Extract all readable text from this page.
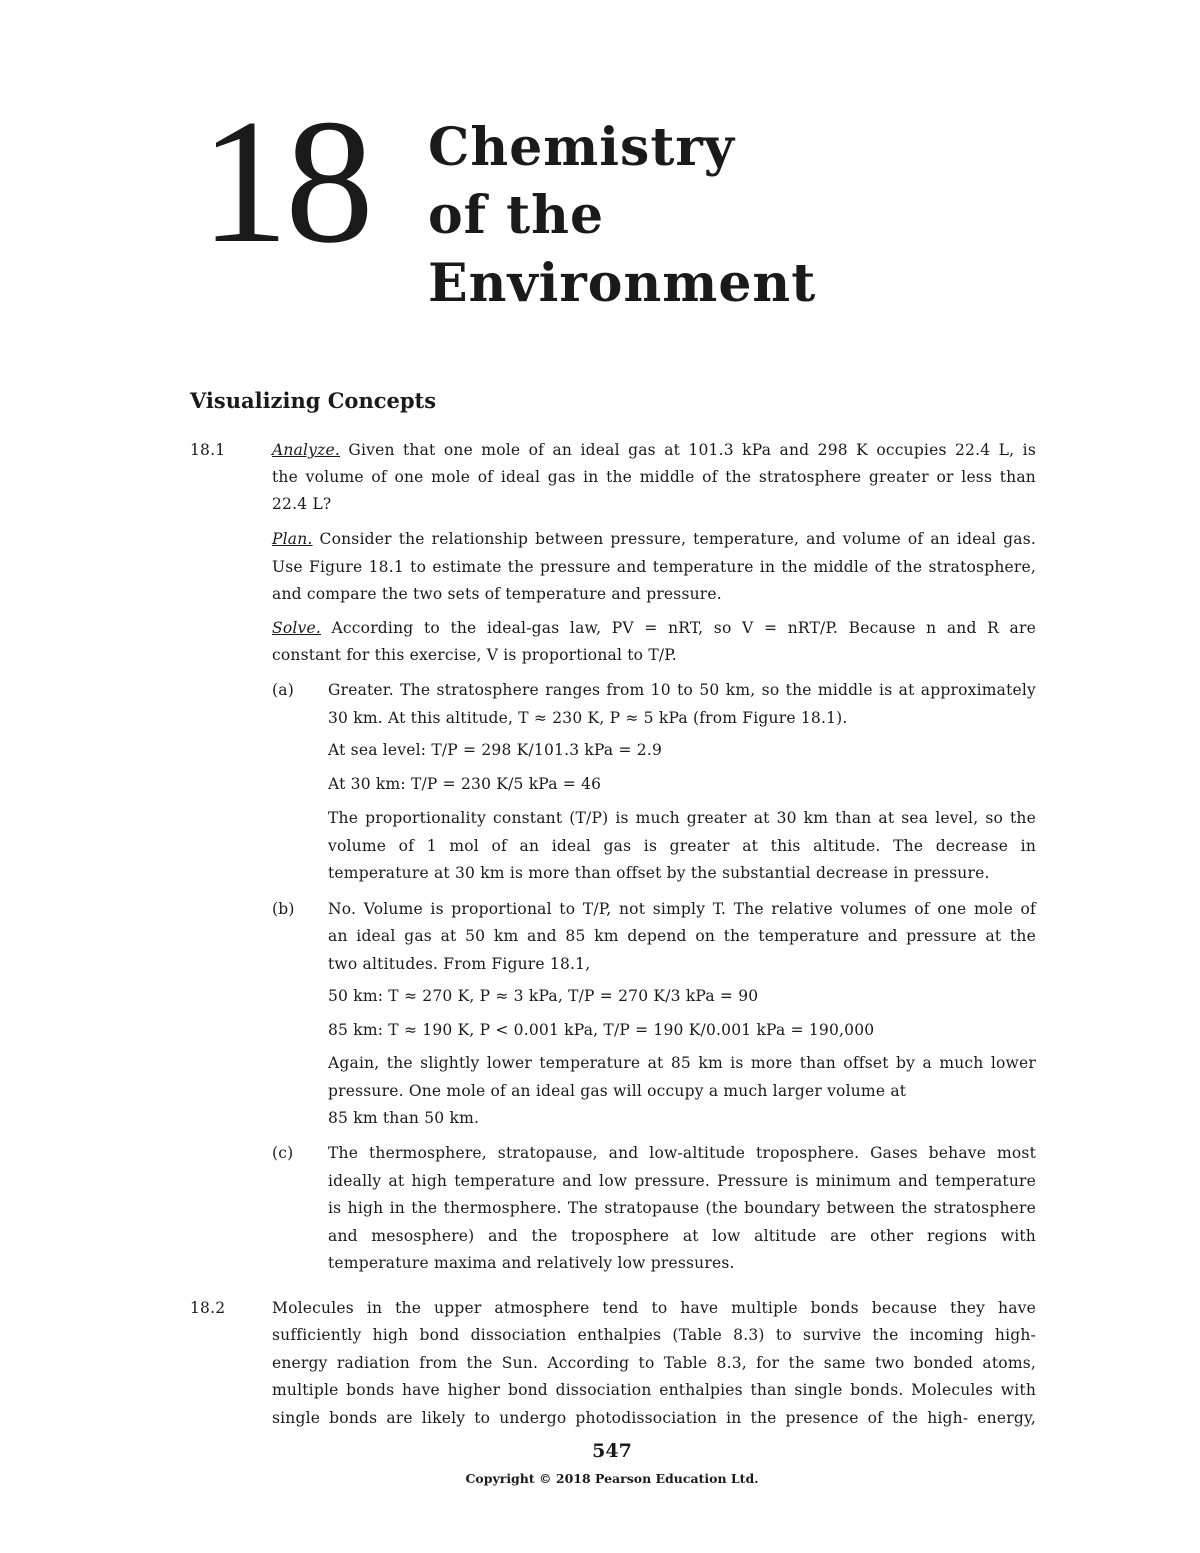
18 Chemistry
of the
Environment
Visualizing Concepts
18.1	Analyze. Given that one mole of an ideal gas at 101.3 kPa and 298 K occupies 22.4 L, is
the volume of one mole of ideal gas in the middle of the stratosphere greater or less than
22.4 L?
Plan. Consider the relationship between pressure, temperature, and volume of an ideal gas.
Use Figure 18.1 to estimate the pressure and temperature in the middle of the stratosphere,
and compare the two sets of temperature and pressure.
Solve. According to the ideal-gas law, PV = nRT, so V = nRT/P. Because n and R are
constant for this exercise, V is proportional to T/P.
(a) Greater. The stratosphere ranges from 10 to 50 km, so the middle is at approximately
30 km. At this altitude, T ≈ 230 K, P ≈ 5 kPa (from Figure 18.1).
At sea level: T/P = 298 K/101.3 kPa = 2.9
At 30 km: T/P = 230 K/5 kPa = 46
The proportionality constant (T/P) is much greater at 30 km than at sea level, so the
volume of 1 mol of an ideal gas is greater at this altitude. The decrease in
temperature at 30 km is more than offset by the substantial decrease in pressure.
(b) No. Volume is proportional to T/P, not simply T. The relative volumes of one mole of
an ideal gas at 50 km and 85 km depend on the temperature and pressure at the
two altitudes. From Figure 18.1,
50 km: T ≈ 270 K, P ≈ 3 kPa, T/P = 270 K/3 kPa = 90
85 km: T ≈ 190 K, P < 0.001 kPa, T/P = 190 K/0.001 kPa = 190,000
Again, the slightly lower temperature at 85 km is more than offset by a much lower
pressure. One mole of an ideal gas will occupy a much larger volume at
85 km than 50 km.
(c) The thermosphere, stratopause, and low-altitude troposphere. Gases behave most
ideally at high temperature and low pressure. Pressure is minimum and temperature
is high in the thermosphere. The stratopause (the boundary between the stratosphere
and mesosphere) and the troposphere at low altitude are other regions with
temperature maxima and relatively low pressures.
18.2	Molecules in the upper atmosphere tend to have multiple bonds because they have
sufficiently high bond dissociation enthalpies (Table 8.3) to survive the incoming high-
energy radiation from the Sun. According to Table 8.3, for the same two bonded atoms,
multiple bonds have higher bond dissociation enthalpies than single bonds. Molecules with
single bonds are likely to undergo photodissociation in the presence of the high- energy,
547
Copyright © 2018 Pearson Education Ltd.
